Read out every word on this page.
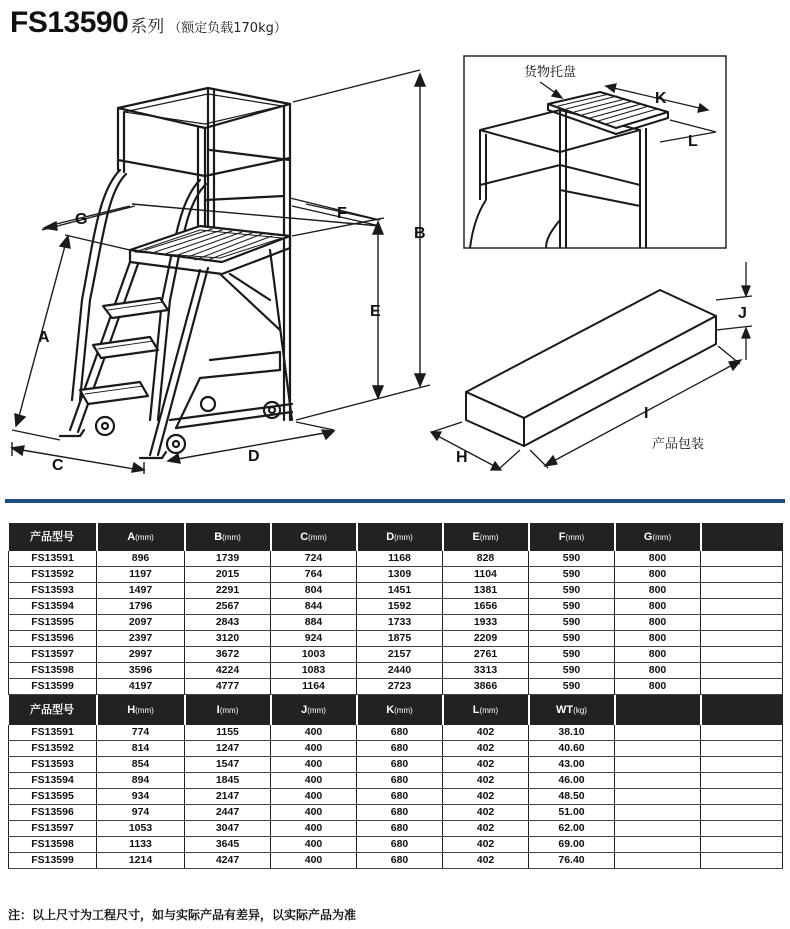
FS13590 系列 （额定负载170kg）
G	F
B
E
A
C
D
货物托盘
K
L
J
I
H
产品包装
产品型号	A(mm)	B(mm)	C(mm)	D(mm)	E(mm)	F(mm)	G(mm)	
FS13591	896	1739	724	1168	828	590	800	
FS13592	1197	2015	764	1309	1104	590	800	
FS13593	1497	2291	804	1451	1381	590	800	
FS13594	1796	2567	844	1592	1656	590	800	
FS13595	2097	2843	884	1733	1933	590	800	
FS13596	2397	3120	924	1875	2209	590	800	
FS13597	2997	3672	1003	2157	2761	590	800	
FS13598	3596	4224	1083	2440	3313	590	800	
FS13599	4197	4777	1164	2723	3866	590	800	
产品型号	H(mm)	I(mm)	J(mm)	K(mm)	L(mm)	WT(kg)		
FS13591	774	1155	400	680	402	38.10		
FS13592	814	1247	400	680	402	40.60		
FS13593	854	1547	400	680	402	43.00		
FS13594	894	1845	400	680	402	46.00		
FS13595	934	2147	400	680	402	48.50		
FS13596	974	2447	400	680	402	51.00		
FS13597	1053	3047	400	680	402	62.00		
FS13598	1133	3645	400	680	402	69.00		
FS13599	1214	4247	400	680	402	76.40		
注：以上尺寸为工程尺寸，如与实际产品有差异，以实际产品为准
